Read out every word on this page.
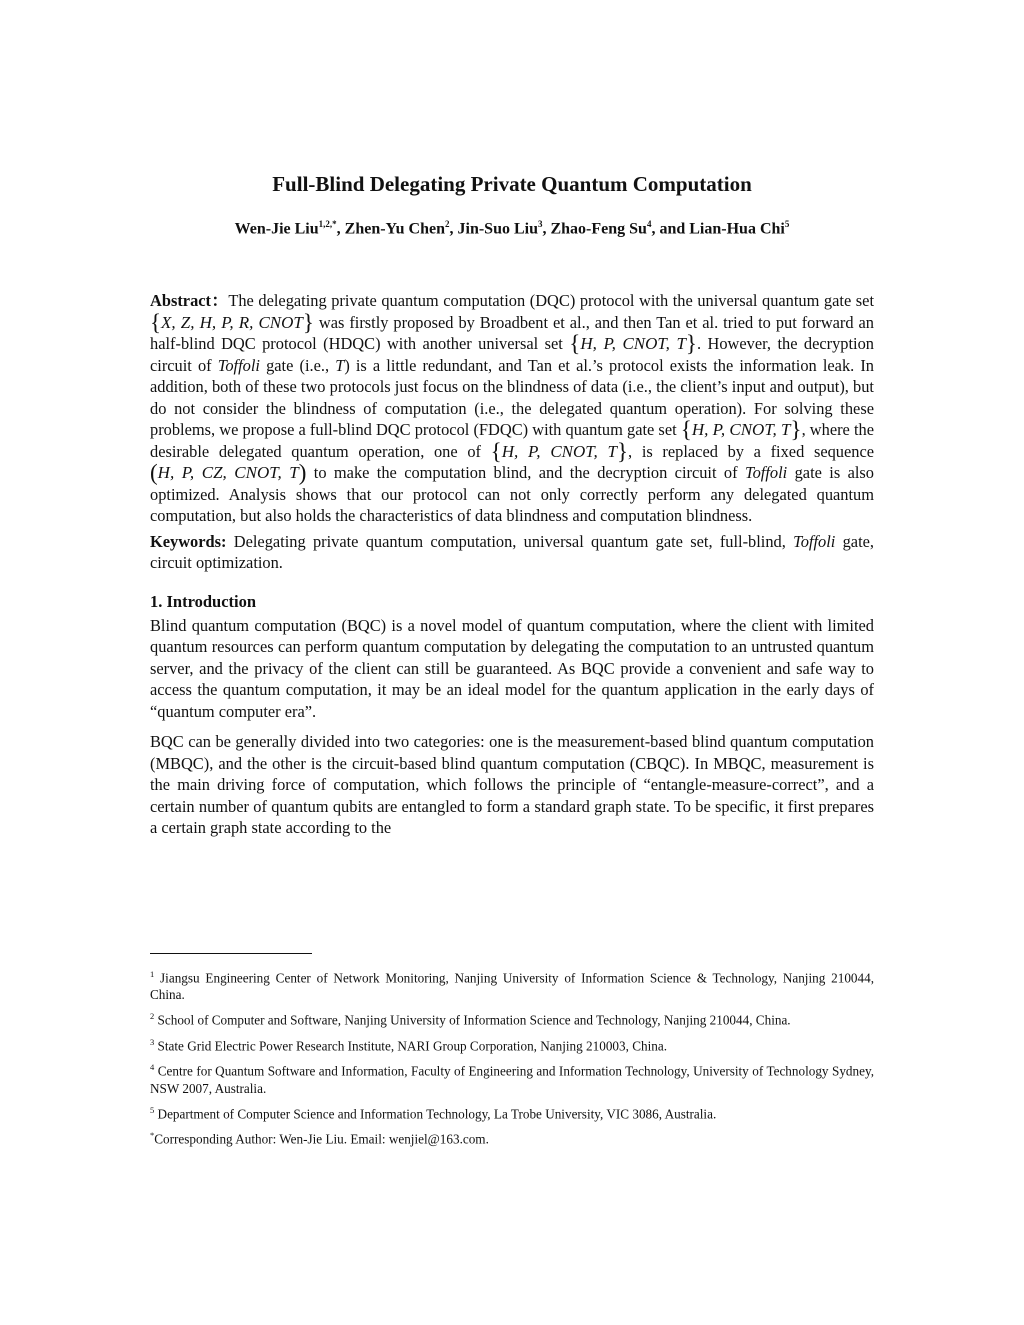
Full-Blind Delegating Private Quantum Computation
Wen-Jie Liu$^{1,2,*}$, Zhen-Yu Chen$^2$, Jin-Suo Liu$^3$, Zhao-Feng Su$^4$, and Lian-Hua Chi$^5$

Abstract：The delegating private quantum computation (DQC) protocol with the universal quantum gate set {X, Z, H, P, R, CNOT} was firstly proposed by Broadbent et al., and then Tan et al. tried to put forward an half-blind DQC protocol (HDQC) with another universal set {H, P, CNOT, T}. However, the decryption circuit of Toffoli gate (i.e., T) is a little redundant, and Tan et al.’s protocol exists the information leak. In addition, both of these two protocols just focus on the blindness of data (i.e., the client’s input and output), but do not consider the blindness of computation (i.e., the delegated quantum operation). For solving these problems, we propose a full-blind DQC protocol (FDQC) with quantum gate set {H, P, CNOT, T}, where the desirable delegated quantum operation, one of {H, P, CNOT, T}, is replaced by a fixed sequence (H, P, CZ, CNOT, T) to make the computation blind, and the decryption circuit of Toffoli gate is also optimized. Analysis shows that our protocol can not only correctly perform any delegated quantum computation, but also holds the characteristics of data blindness and computation blindness.

Keywords: Delegating private quantum computation, universal quantum gate set, full-blind, Toffoli gate, circuit optimization.

1. Introduction

Blind quantum computation (BQC) is a novel model of quantum computation, where the client with limited quantum resources can perform quantum computation by delegating the computation to an untrusted quantum server, and the privacy of the client can still be guaranteed. As BQC provide a convenient and safe way to access the quantum computation, it may be an ideal model for the quantum application in the early days of “quantum computer era”.

BQC can be generally divided into two categories: one is the measurement-based blind quantum computation (MBQC), and the other is the circuit-based blind quantum computation (CBQC). In MBQC, measurement is the main driving force of computation, which follows the principle of “entangle-measure-correct”, and a certain number of quantum qubits are entangled to form a standard graph state. To be specific, it first prepares a certain graph state according to the

$^1$ Jiangsu Engineering Center of Network Monitoring, Nanjing University of Information Science & Technology, Nanjing 210044, China.

$^2$ School of Computer and Software, Nanjing University of Information Science and Technology, Nanjing 210044, China.

$^3$ State Grid Electric Power Research Institute, NARI Group Corporation, Nanjing 210003, China.

$^4$ Centre for Quantum Software and Information, Faculty of Engineering and Information Technology, University of Technology Sydney, NSW 2007, Australia.

$^5$ Department of Computer Science and Information Technology, La Trobe University, VIC 3086, Australia.

*Corresponding Author: Wen-Jie Liu. Email: wenjiel@163.com.
